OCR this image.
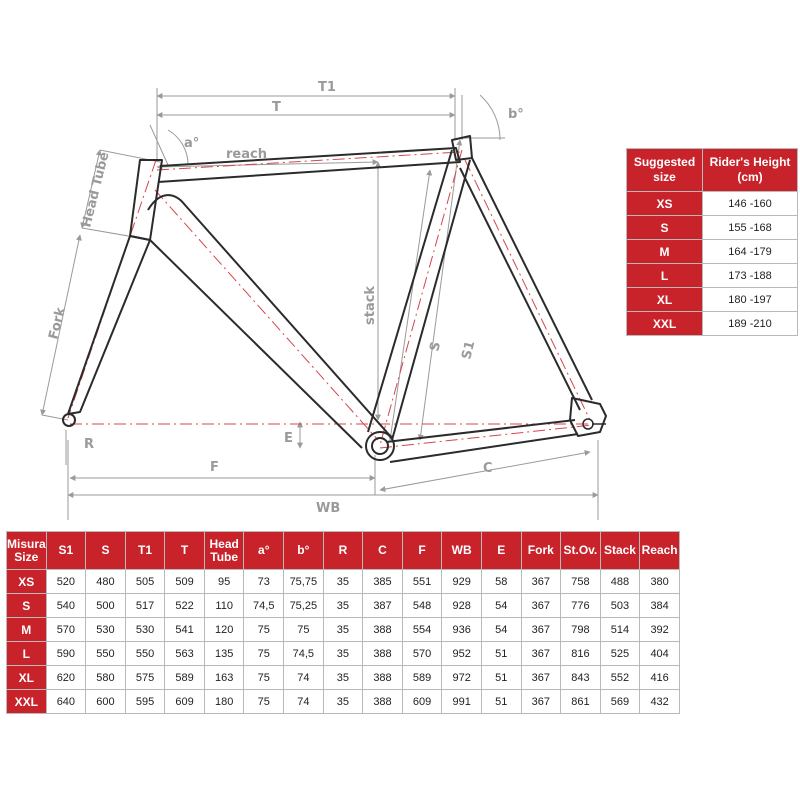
T1
T
a°
b°
reach
Head Tube
Fork	stack
S S1
E
R
F	C
WB
Suggested size	Rider's Height (cm)
XS	146 -160
S	155 -168
M	164 -179
L	173 -188
XL	180 -197
XXL	189 -210
Misura Size	S1	S	T1	T	Head Tube	a°	b°	R	C	F	WB	E	Fork	St.Ov.	Stack	Reach
XS	520	480	505	509	95	73	75,75	35	385	551	929	58	367	758	488	380
S	540	500	517	522	110	74,5	75,25	35	387	548	928	54	367	776	503	384
M	570	530	530	541	120	75	75	35	388	554	936	54	367	798	514	392
L	590	550	550	563	135	75	74,5	35	388	570	952	51	367	816	525	404
XL	620	580	575	589	163	75	74	35	388	589	972	51	367	843	552	416
XXL	640	600	595	609	180	75	74	35	388	609	991	51	367	861	569	432
